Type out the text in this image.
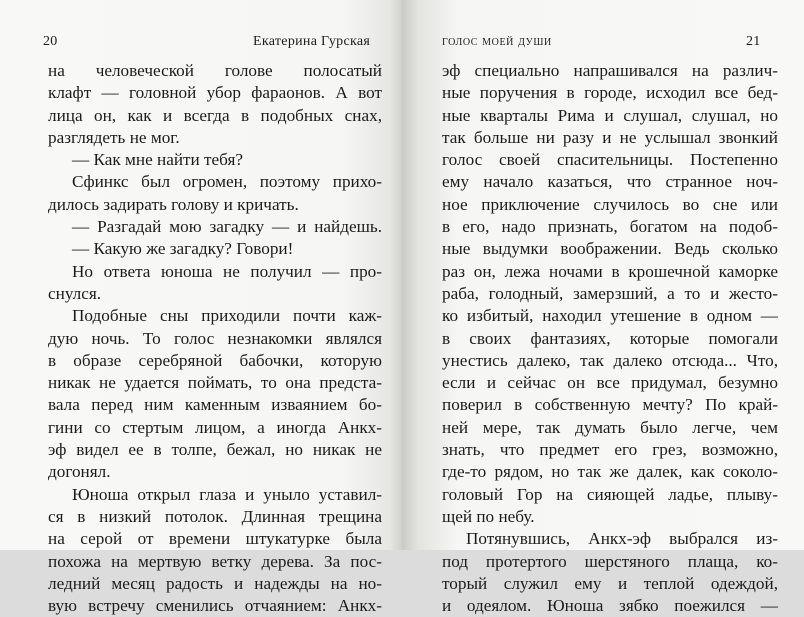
20	Екатерина Гурская
на человеческой голове полосатый
клафт — головной убор фараонов. А вот
лица он, как и всегда в подобных снах,
разглядеть не мог.
— Как мне найти тебя?
Сфинкс был огромен, поэтому прихо-
дилось задирать голову и кричать.
— Разгадай мою загадку — и найдешь.
— Какую же загадку? Говори!
Но ответа юноша не получил — про-
снулся.
Подобные сны приходили почти каж-
дую ночь. То голос незнакомки являлся
в образе серебряной бабочки, которую
никак не удается поймать, то она предста-
вала перед ним каменным изваянием бо-
гини со стертым лицом, а иногда Анкх-
эф видел ее в толпе, бежал, но никак не
догонял.
Юноша открыл глаза и уныло уставил-
ся в низкий потолок. Длинная трещина
на серой от времени штукатурке была
похожа на мертвую ветку дерева. За пос-
ледний месяц радость и надежды на но-
вую встречу сменились отчаянием: Анкх-
голос моей души	21
эф специально напрашивался на различ-
ные поручения в городе, исходил все бед-
ные кварталы Рима и слушал, слушал, но
так больше ни разу и не услышал звонкий
голос своей спасительницы. Постепенно
ему начало казаться, что странное ноч-
ное приключение случилось во сне или
в его, надо признать, богатом на подоб-
ные выдумки воображении. Ведь сколько
раз он, лежа ночами в крошечной каморке
раба, голодный, замерзший, а то и жесто-
ко избитый, находил утешение в одном —
в своих фантазиях, которые помогали
унестись далеко, так далеко отсюда... Что,
если и сейчас он все придумал, безумно
поверил в собственную мечту? По край-
ней мере, так думать было легче, чем
знать, что предмет его грез, возможно,
где-то рядом, но так же далек, как соколо-
головый Гор на сияющей ладье, плыву-
щей по небу.
Потянувшись, Анкх-эф выбрался из-
под протертого шерстяного плаща, ко-
торый служил ему и теплой одеждой,
и одеялом. Юноша зябко поежился —
